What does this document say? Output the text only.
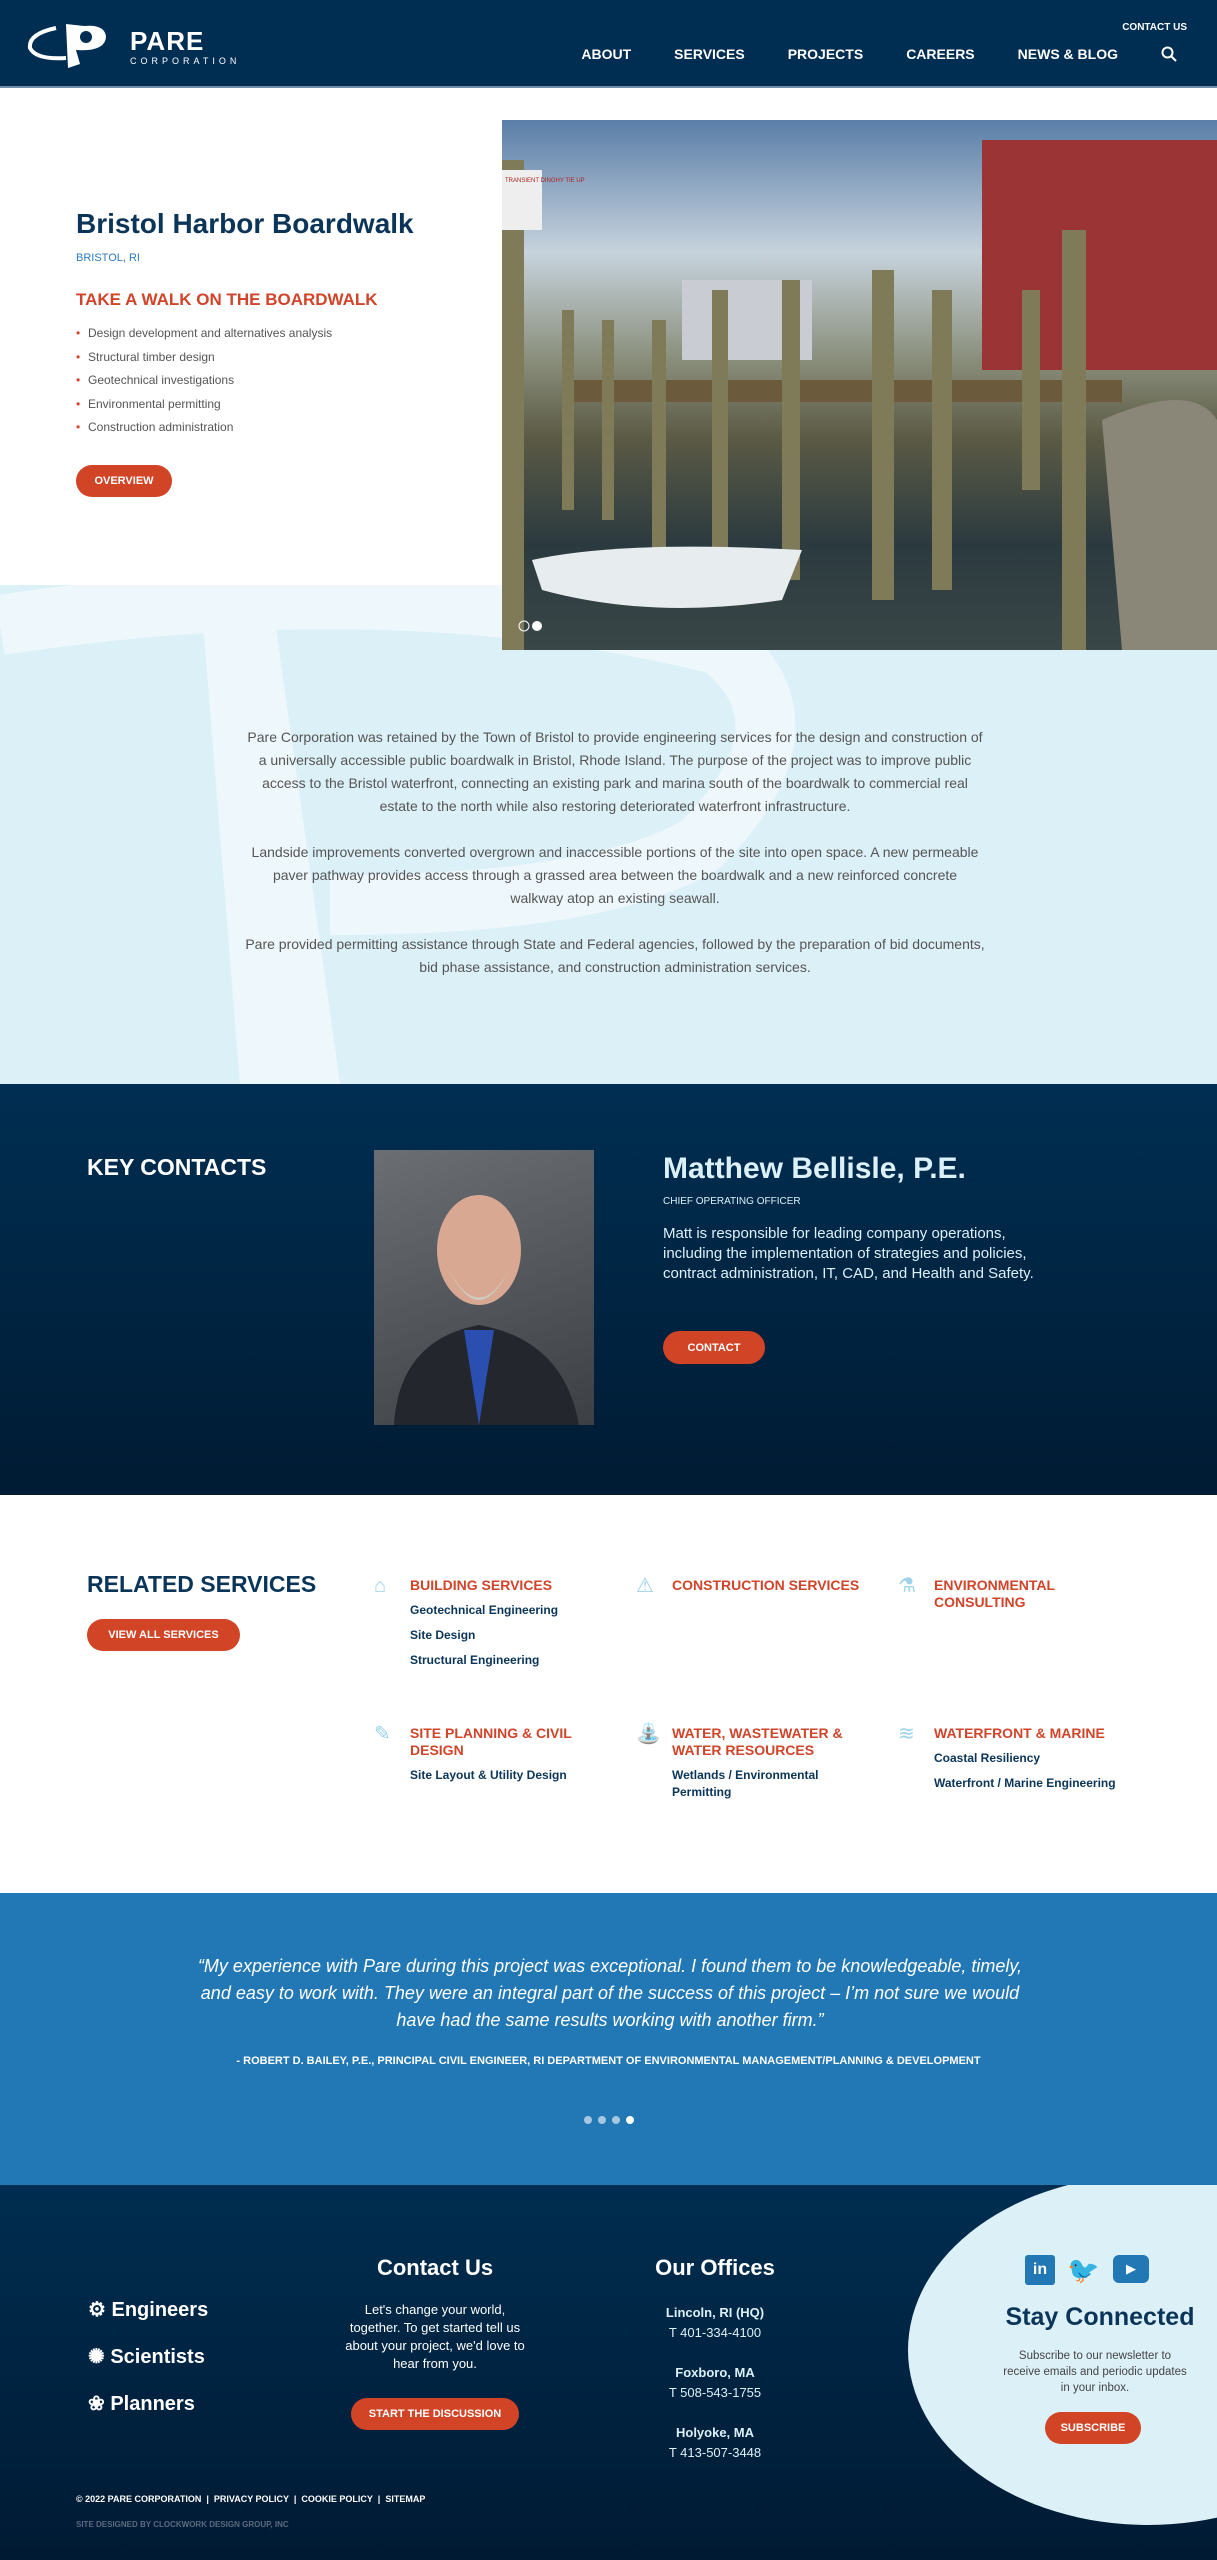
PARE
CORPORATION
CONTACT US
ABOUT	SERVICES	PROJECTS	CAREERS	NEWS & BLOG
Bristol Harbor Boardwalk
BRISTOL, RI
TAKE A WALK ON THE BOARDWALK
• Design development and alternatives analysis
• Structural timber design
• Geotechnical investigations
• Environmental permitting
• Construction administration
OVERVIEW
TRANSIENT DINGHY TIE UP

Pare Corporation was retained by the Town of Bristol to provide engineering services for the design and construction of a universally accessible public boardwalk in Bristol, Rhode Island. The purpose of the project was to improve public access to the Bristol waterfront, connecting an existing park and marina south of the boardwalk to commercial real estate to the north while also restoring deteriorated waterfront infrastructure.

Landside improvements converted overgrown and inaccessible portions of the site into open space. A new permeable paver pathway provides access through a grassed area between the boardwalk and a new reinforced concrete walkway atop an existing seawall.

Pare provided permitting assistance through State and Federal agencies, followed by the preparation of bid documents, bid phase assistance, and construction administration services.

KEY CONTACTS	Matthew Bellisle, P.E.
CHIEF OPERATING OFFICER
Matt is responsible for leading company operations, including the implementation of strategies and policies, contract administration, IT, CAD, and Health and Safety.
CONTACT
RELATED SERVICES
VIEW ALL SERVICES
⌂	BUILDING SERVICES
Geotechnical Engineering
Site Design
Structural Engineering
⚠	CONSTRUCTION SERVICES	⚗	ENVIRONMENTAL CONSULTING
✎	SITE PLANNING & CIVIL DESIGN
Site Layout & Utility Design
⛲ WATER, WASTEWATER & WATER RESOURCES
Wetlands / Environmental Permitting
≋	WATERFRONT & MARINE
Coastal Resiliency
Waterfront / Marine Engineering
“My experience with Pare during this project was exceptional. I found them to be knowledgeable, timely, and easy to work with. They were an integral part of the success of this project – I’m not sure we would have had the same results working with another firm.”
- ROBERT D. BAILEY, P.E., PRINCIPAL CIVIL ENGINEER, RI DEPARTMENT OF ENVIRONMENTAL MANAGEMENT/PLANNING & DEVELOPMENT
⚙ Engineers
✺ Scientists
❀ Planners
Contact Us
Let's change your world, together. To get started tell us about your project, we'd love to hear from you.
START THE DISCUSSION
Our Offices
Lincoln, RI (HQ)
T 401-334-4100
Foxboro, MA
T 508-543-1755
Holyoke, MA
T 413-507-3448
in 🐦	▶
Stay Connected
Subscribe to our newsletter to receive emails and periodic updates in your inbox.
SUBSCRIBE
© 2022 PARE CORPORATION  |  PRIVACY POLICY  |  COOKIE POLICY  |  SITEMAP
SITE DESIGNED BY CLOCKWORK DESIGN GROUP, INC
